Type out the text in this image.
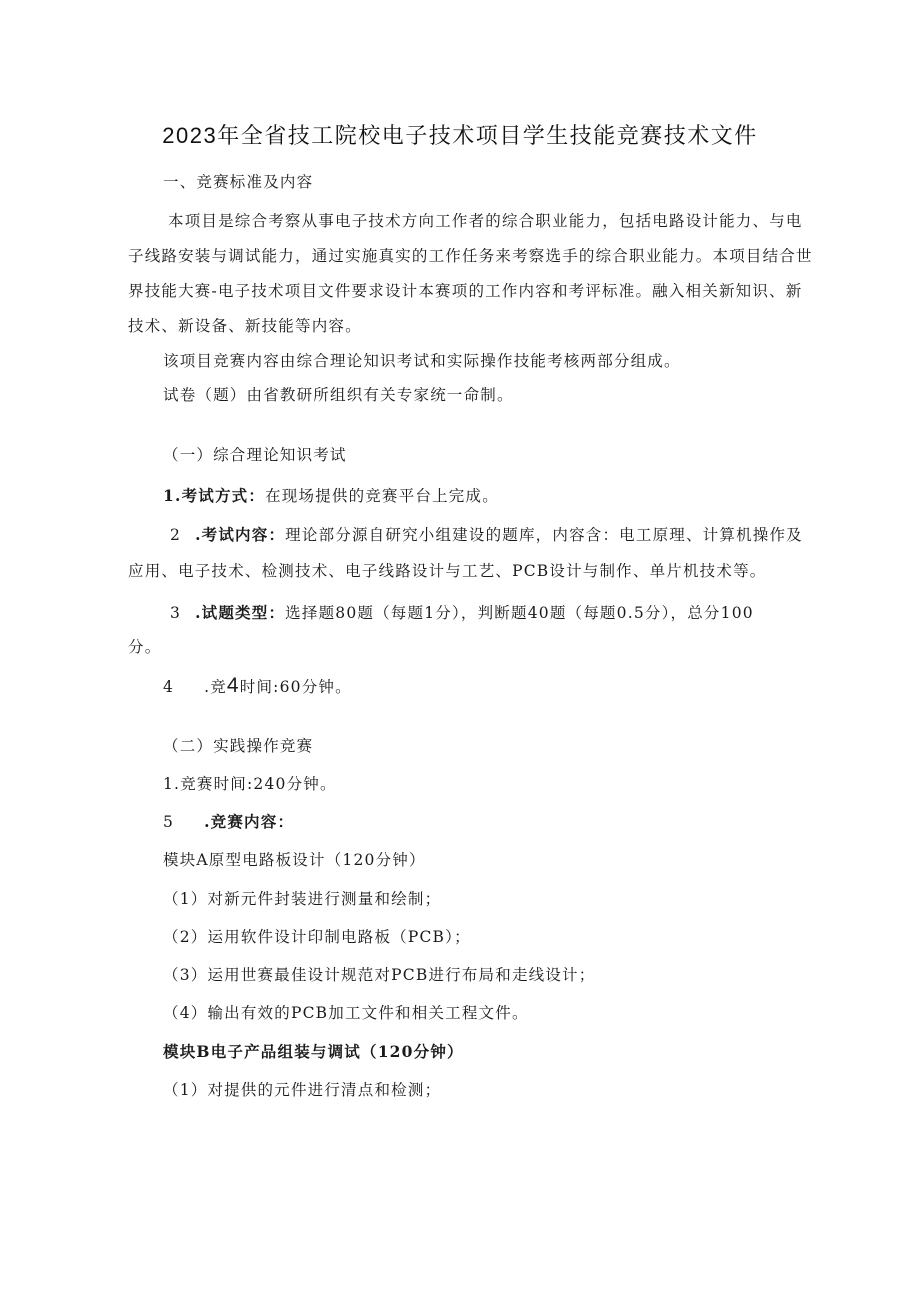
2023年全省技工院校电子技术项目学生技能竞赛技术文件
一、竞赛标准及内容
本项目是综合考察从事电子技术方向工作者的综合职业能力，包括电路设计能力、与电
子线路安装与调试能力，通过实施真实的工作任务来考察选手的综合职业能力。本项目结合世
界技能大赛-电子技术项目文件要求设计本赛项的工作内容和考评标准。融入相关新知识、新
技术、新设备、新技能等内容。
该项目竞赛内容由综合理论知识考试和实际操作技能考核两部分组成。
试卷（题）由省教研所组织有关专家统一命制。
（一）综合理论知识考试
1.考试方式：在现场提供的竞赛平台上完成。
2 .考试内容：理论部分源自研究小组建设的题库，内容含：电工原理、计算机操作及
应用、电子技术、检测技术、电子线路设计与工艺、PCB设计与制作、单片机技术等。
3 .试题类型：选择题80题（每题1分），判断题40题（每题0.5分），总分100
分。
4 .竞4时间:60分钟。
（二）实践操作竞赛
1.竞赛时间:240分钟。
5 .竞赛内容：
模块A原型电路板设计（120分钟）
（1）对新元件封装进行测量和绘制；
（2）运用软件设计印制电路板（PCB）；
（3）运用世赛最佳设计规范对PCB进行布局和走线设计；
（4）输出有效的PCB加工文件和相关工程文件。
模块B电子产品组装与调试（120分钟）
（1）对提供的元件进行清点和检测；
